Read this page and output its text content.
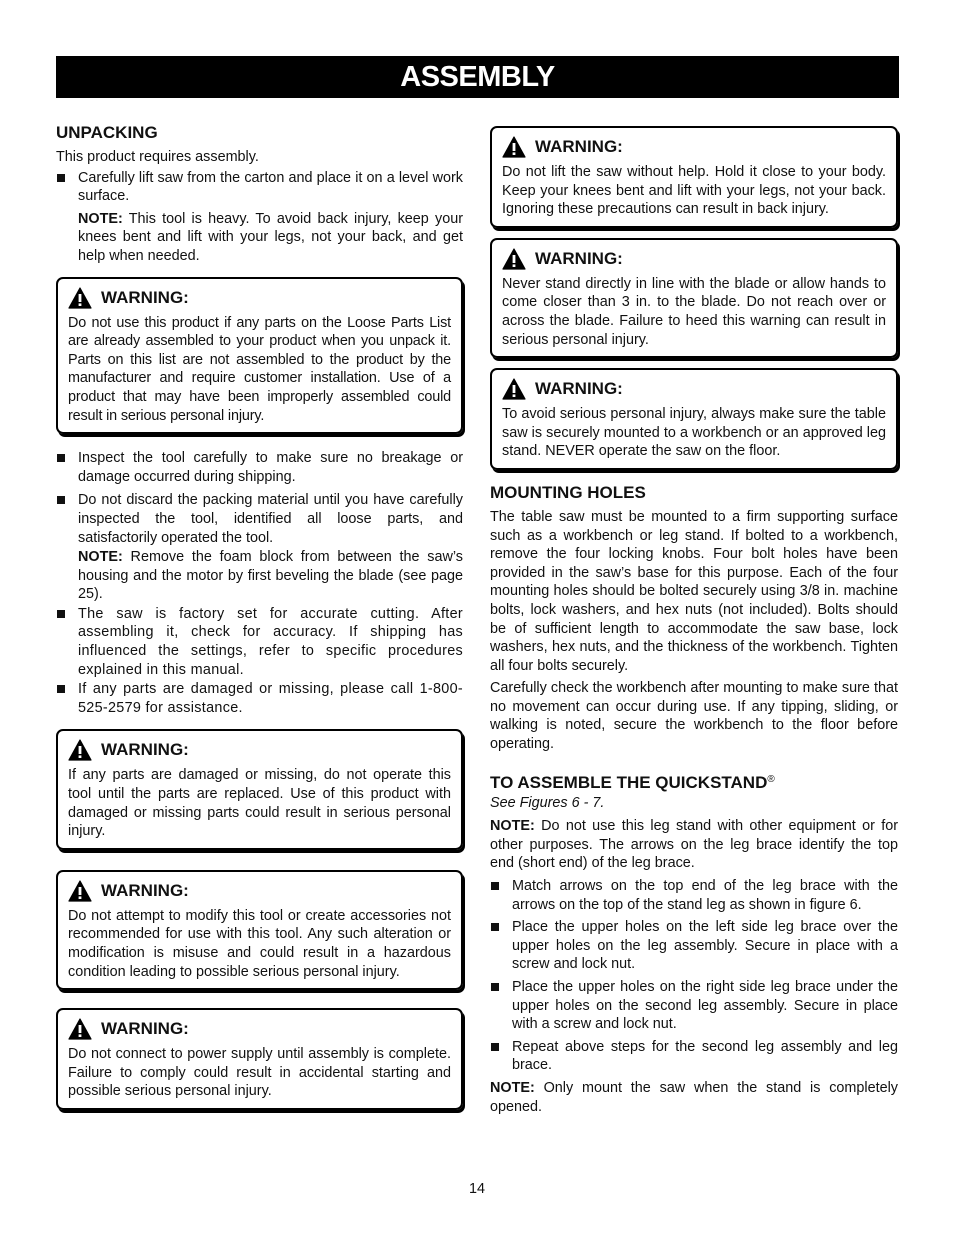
ASSEMBLY
UNPACKING

This product requires assembly.

Carefully lift saw from the carton and place it on a level work surface.

NOTE: This tool is heavy. To avoid back injury, keep your knees bent and lift with your legs, not your back, and get help when needed.

WARNING:

Do not use this product if any parts on the Loose Parts List are already assembled to your product when you unpack it. Parts on this list are not assembled to the product by the manufacturer and require customer installation. Use of a product that may have been improperly assembled could result in serious personal injury.

Inspect the tool carefully to make sure no breakage or damage occurred during shipping.

Do not discard the packing material until you have carefully inspected the tool, identified all loose parts, and satisfactorily operated the tool.

NOTE: Remove the foam block from between the saw’s housing and the motor by first beveling the blade (see page 25).

The saw is factory set for accurate cutting. After assembling it, check for accuracy. If shipping has influenced the settings, refer to specific procedures explained in this manual.

If any parts are damaged or missing, please call 1-800-525-2579 for assistance.

WARNING:

If any parts are damaged or missing, do not operate this tool until the parts are replaced. Use of this product with damaged or missing parts could result in serious personal injury.

WARNING:

Do not attempt to modify this tool or create accessories not recommended for use with this tool. Any such alteration or modification is misuse and could result in a hazardous condition leading to possible serious personal injury.

WARNING:

Do not connect to power supply until assembly is complete. Failure to comply could result in accidental starting and possible serious personal injury.

WARNING:

Do not lift the saw without help. Hold it close to your body. Keep your knees bent and lift with your legs, not your back. Ignoring these precautions can result in back injury.

WARNING:

Never stand directly in line with the blade or allow hands to come closer than 3 in. to the blade. Do not reach over or across the blade. Failure to heed this warning can result in serious personal injury.

WARNING:

To avoid serious personal injury, always make sure the table saw is securely mounted to a workbench or an approved leg stand. NEVER operate the saw on the floor.

MOUNTING HOLES

The table saw must be mounted to a firm supporting surface such as a workbench or leg stand. If bolted to a workbench, remove the four locking knobs. Four bolt holes have been provided in the saw’s base for this purpose. Each of the four mounting holes should be bolted securely using 3/8 in. machine bolts, lock washers, and hex nuts (not included). Bolts should be of sufficient length to accommodate the saw base, lock washers, hex nuts, and the thickness of the workbench. Tighten all four bolts securely.

Carefully check the workbench after mounting to make sure that no movement can occur during use. If any tipping, sliding, or walking is noted, secure the workbench to the floor before operating.

TO ASSEMBLE THE QUICKSTAND®
See Figures 6 - 7.

NOTE: Do not use this leg stand with other equipment or for other purposes. The arrows on the leg brace identify the top end (short end) of the leg brace.

Match arrows on the top end of the leg brace with the arrows on the top of the stand leg as shown in figure 6.

Place the upper holes on the left side leg brace over the upper holes on the leg assembly. Secure in place with a screw and lock nut.

Place the upper holes on the right side leg brace under the upper holes on the second leg assembly. Secure in place with a screw and lock nut.

Repeat above steps for the second leg assembly and leg brace.

NOTE: Only mount the saw when the stand is completely opened.

14
